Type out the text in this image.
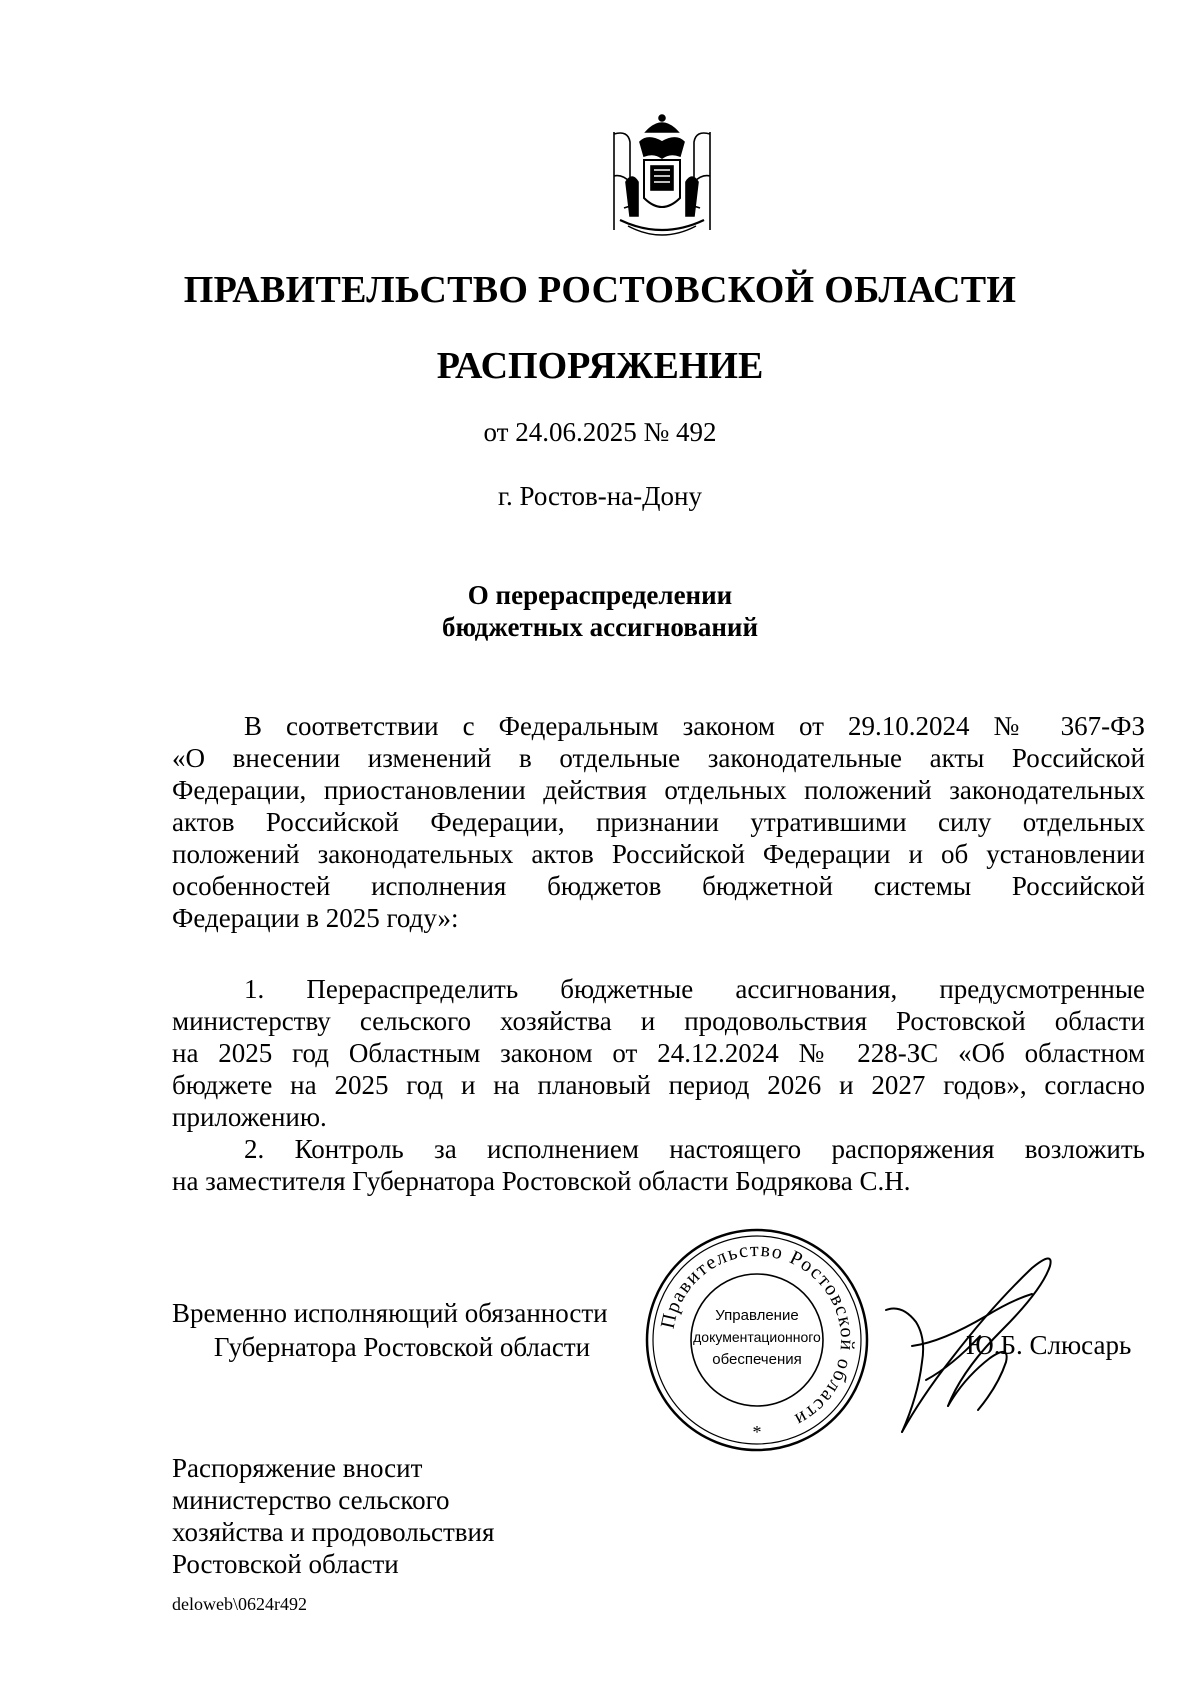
ПРАВИТЕЛЬСТВО РОСТОВСКОЙ ОБЛАСТИ
РАСПОРЯЖЕНИЕ
от 24.06.2025 № 492
г. Ростов-на-Дону
О перераспределении
бюджетных ассигнований
В соответствии с Федеральным законом от 29.10.2024 № 367-ФЗ
«О внесении изменений в отдельные законодательные акты Российской
Федерации, приостановлении действия отдельных положений законодательных
актов Российской Федерации, признании утратившими силу отдельных
положений законодательных актов Российской Федерации и об установлении
особенностей исполнения бюджетов бюджетной системы Российской
Федерации в 2025 году»:
1. Перераспределить бюджетные ассигнования, предусмотренные
министерству сельского хозяйства и продовольствия Ростовской области
на 2025 год Областным законом от 24.12.2024 № 228-ЗС «Об областном
бюджете на 2025 год и на плановый период 2026 и 2027 годов», согласно
приложению.
2. Контроль за исполнением настоящего распоряжения возложить
на заместителя Губернатора Ростовской области Бодрякова С.Н.
Временно исполняющий обязанности
Губернатора Ростовской области
Правительство Ростовской области
Управление
документационного
обеспечения
*
Ю.Б. Слюсарь
Распоряжение вносит
министерство сельского
хозяйства и продовольствия
Ростовской области
deloweb\0624r492
